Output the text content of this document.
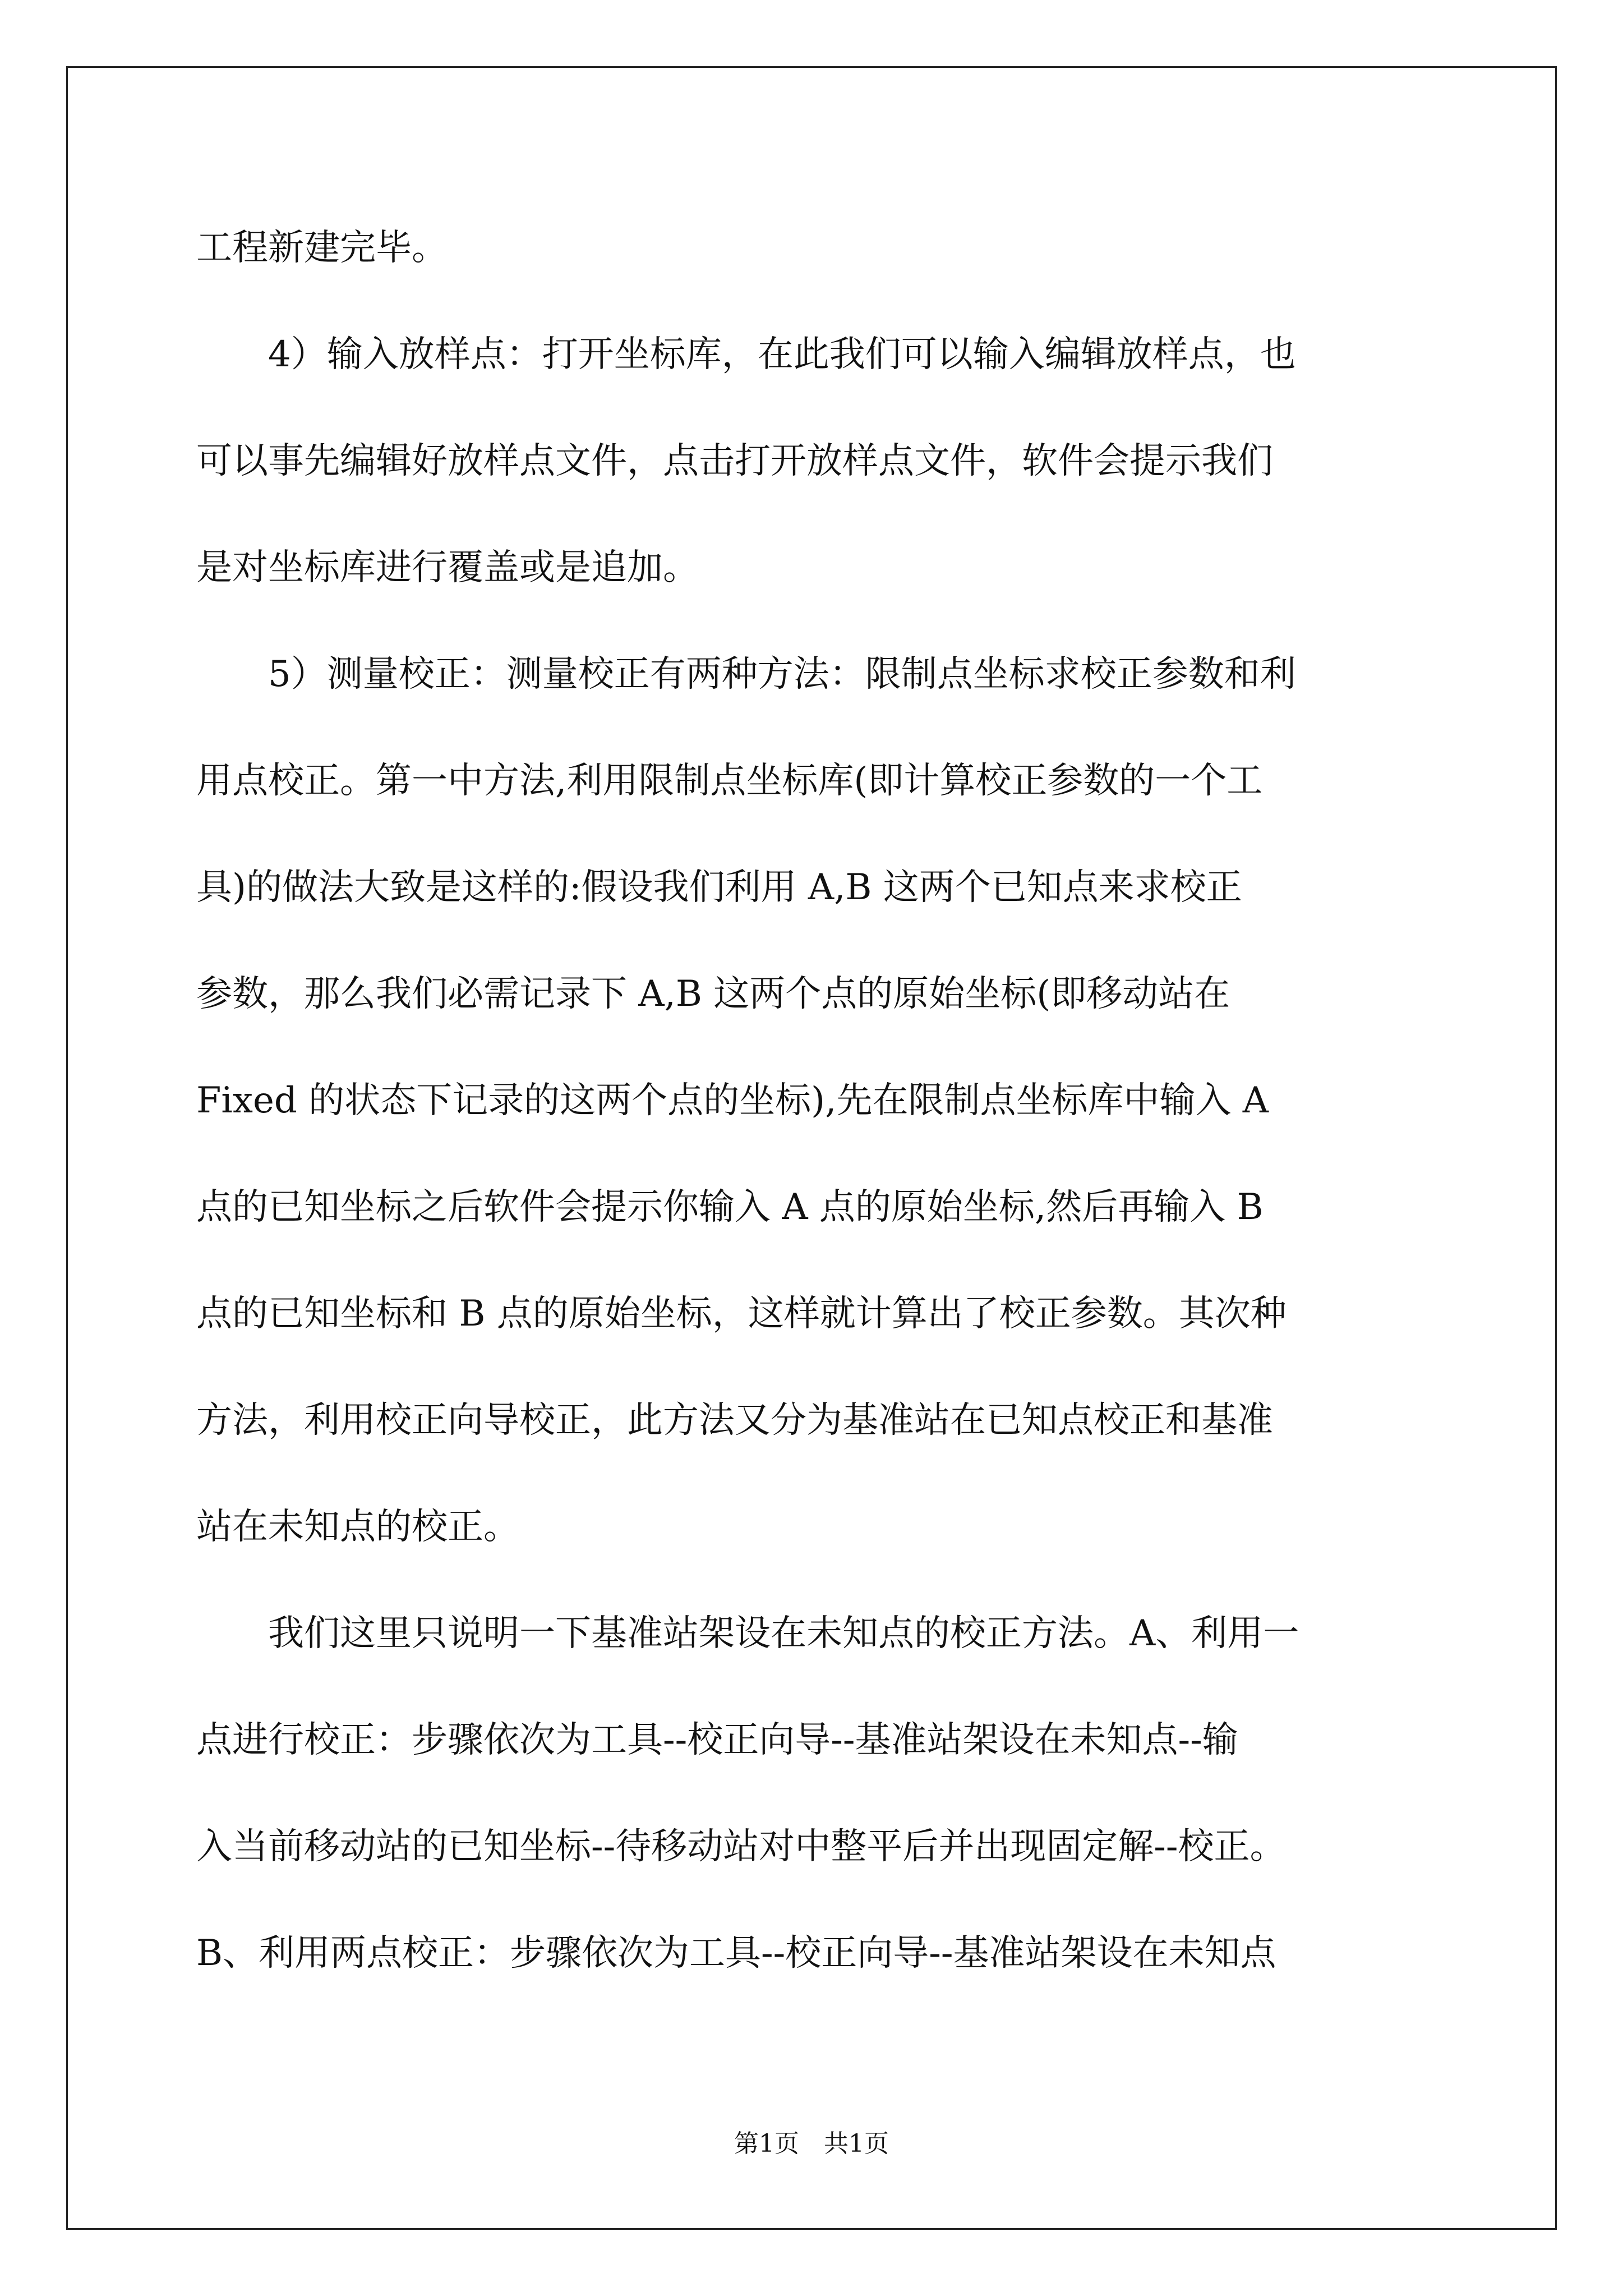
工程新建完毕。
　　4）输入放样点：打开坐标库，在此我们可以输入编辑放样点，也
可以事先编辑好放样点文件，点击打开放样点文件，软件会提示我们
是对坐标库进行覆盖或是追加。
　　5）测量校正：测量校正有两种方法：限制点坐标求校正参数和利
用点校正。第一中方法,利用限制点坐标库(即计算校正参数的一个工
具)的做法大致是这样的:假设我们利用 A,B 这两个已知点来求校正
参数，那么我们必需记录下 A,B 这两个点的原始坐标(即移动站在
Fixed 的状态下记录的这两个点的坐标),先在限制点坐标库中输入 A
点的已知坐标之后软件会提示你输入 A 点的原始坐标,然后再输入 B
点的已知坐标和 B 点的原始坐标，这样就计算出了校正参数。其次种
方法，利用校正向导校正，此方法又分为基准站在已知点校正和基准
站在未知点的校正。
　　我们这里只说明一下基准站架设在未知点的校正方法。A、利用一
点进行校正：步骤依次为工具--校正向导--基准站架设在未知点--输
入当前移动站的已知坐标--待移动站对中整平后并出现固定解--校正。
B、利用两点校正：步骤依次为工具--校正向导--基准站架设在未知点
第1页　共1页
